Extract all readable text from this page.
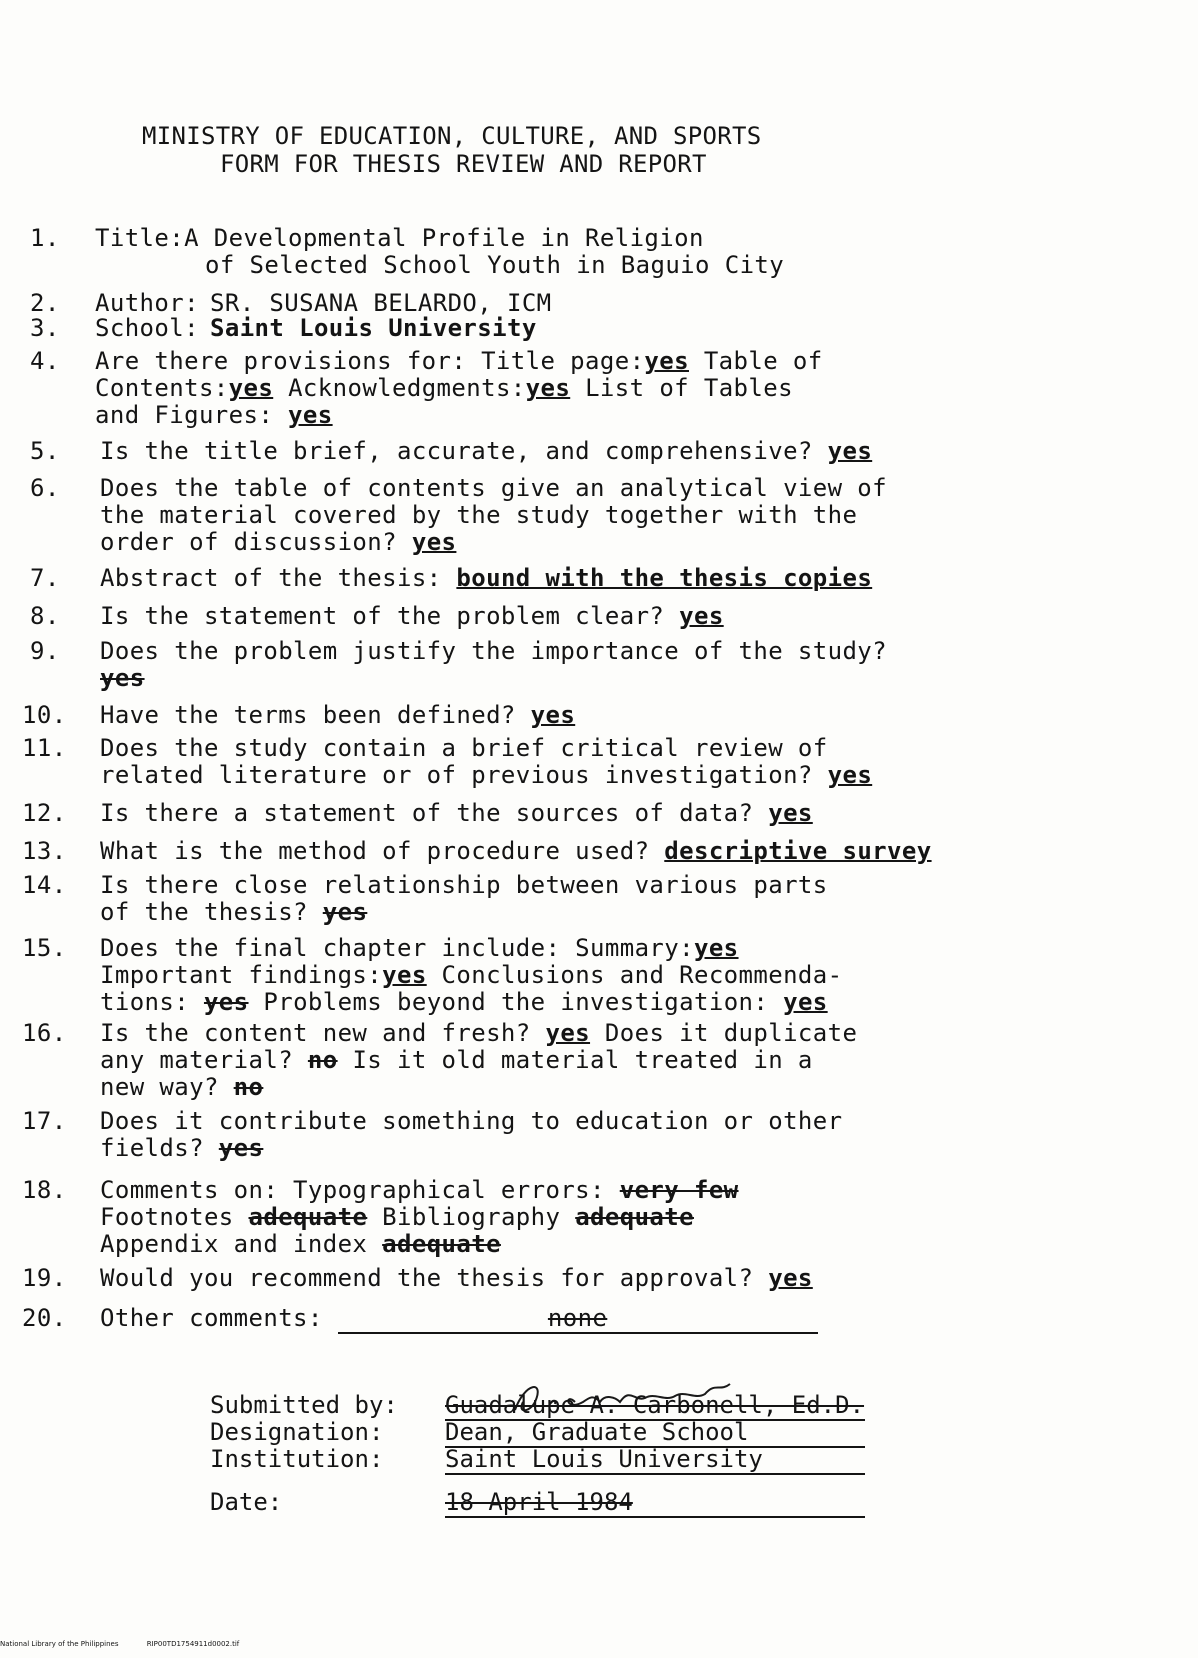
MINISTRY OF EDUCATION, CULTURE, AND SPORTS
FORM FOR THESIS REVIEW AND REPORT
1.	Title:A Developmental Profile in Religion
of Selected School Youth in Baguio City
2.	Author: SR. SUSANA BELARDO, ICM
3.	School: Saint Louis University
4.	Are there provisions for: Title page:yes Table of
Contents:yes Acknowledgments:yes List of Tables
and Figures: yes
5.	Is the title brief, accurate, and comprehensive? yes
6.	Does the table of contents give an analytical view of
the material covered by the study together with the
order of discussion? yes
7.	Abstract of the thesis: bound with the thesis copies
8.	Is the statement of the problem clear? yes
9.	Does the problem justify the importance of the study?
yes
10.	Have the terms been defined? yes
11.	Does the study contain a brief critical review of
related literature or of previous investigation? yes
12.	Is there a statement of the sources of data? yes
13.	What is the method of procedure used? descriptive survey
14.	Is there close relationship between various parts
of the thesis? yes
15.	Does the final chapter include: Summary:yes
Important findings:yes Conclusions and Recommenda-
tions: yes Problems beyond the investigation: yes
16.	Is the content new and fresh? yes Does it duplicate
any material? no Is it old material treated in a
new way? no
17.	Does it contribute something to education or other
fields? yes
18.	Comments on: Typographical errors: very few
Footnotes adequate Bibliography adequate
Appendix and index adequate
19.	Would you recommend the thesis for approval? yes
20.	Other comments:	none
Submitted by:	Guadalupe A. Carbonell, Ed.D.
Designation:	Dean, Graduate School
Institution:	Saint Louis University
Date:	18 April 1984
National Library of the Philippines	RIP00TD1754911d0002.tif
